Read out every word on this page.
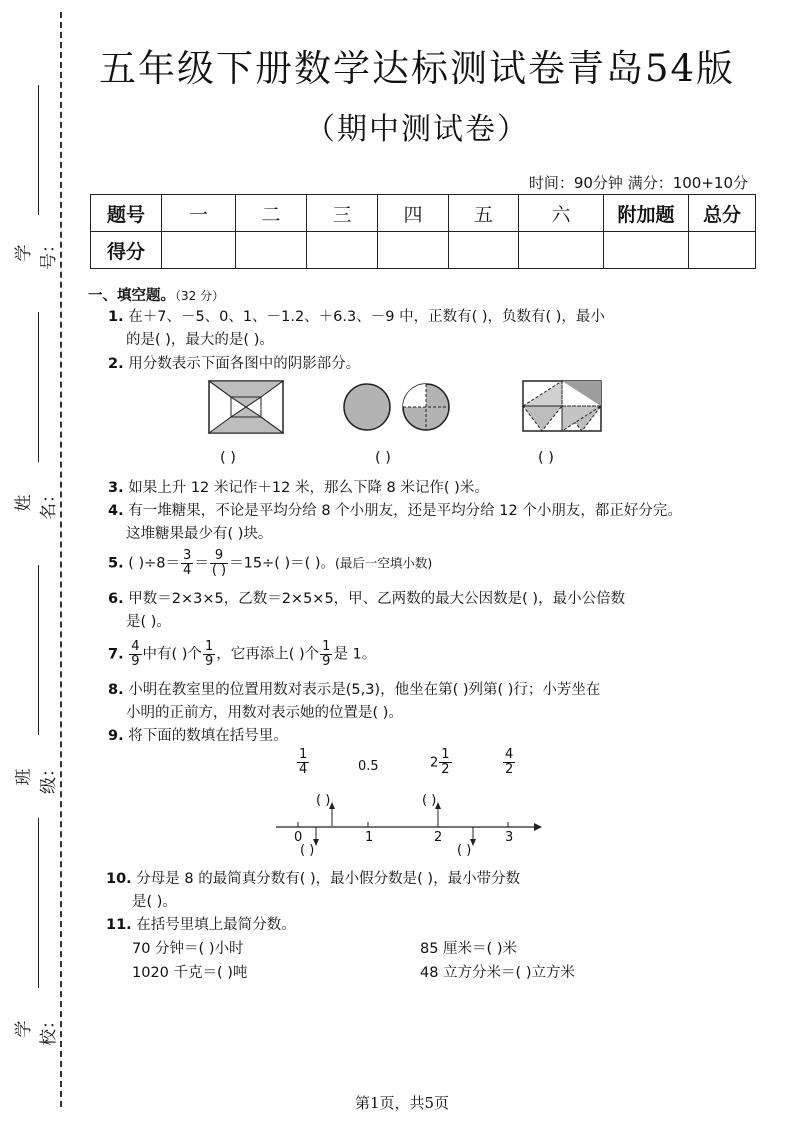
学号：
姓名：
班级：
学校：
五年级下册数学达标测试卷青岛54版
（期中测试卷）
时间：90分钟 满分：100+10分
题号	一	二	三	四	五	六	附加题	总分
得分								
一、填空题。（32 分）
1. 在＋7、－5、0、1、－1.2、＋6.3、－9 中，正数有( )，负数有( )，最小
的是( )，最大的是( )。
2. 用分数表示下面各图中的阴影部分。
( )	( )	( )
3. 如果上升 12 米记作＋12 米，那么下降 8 米记作( )米。
4. 有一堆糖果，不论是平均分给 8 个小朋友，还是平均分给 12 个小朋友，都正好分完。
这堆糖果最少有( )块。
5. ( )$\div 8= \frac{3}{4} = \frac{9}{( )} =15\div$( )＝( )。(最后一空填小数)
6. 甲数＝2×3×5，乙数＝2×5×5，甲、乙两数的最大公因数是( )，最小公倍数
是( )。
7. $\frac{4}{9}$ 中有( )个 $\frac{1}{9}$ ，它再添上( )个 $\frac{1}{9}$ 是 1。
8. 小明在教室里的位置用数对表示是(5,3)，他坐在第( )列第( )行；小芳坐在
小明的正前方，用数对表示她的位置是( )。
9. 将下面的数填在括号里。
$\frac{1}{4}$	0.5	$2 \frac{1}{2}$	$\frac{4}{2}$
0	1	2	3
( )	( )
( )	( )
10. 分母是 8 的最简真分数有( )，最小假分数是( )，最小带分数
是( )。
11. 在括号里填上最简分数。
70 分钟＝( )小时	85 厘米＝( )米
1020 千克＝( )吨	48 立方分米＝( )立方米
第1页，共5页
